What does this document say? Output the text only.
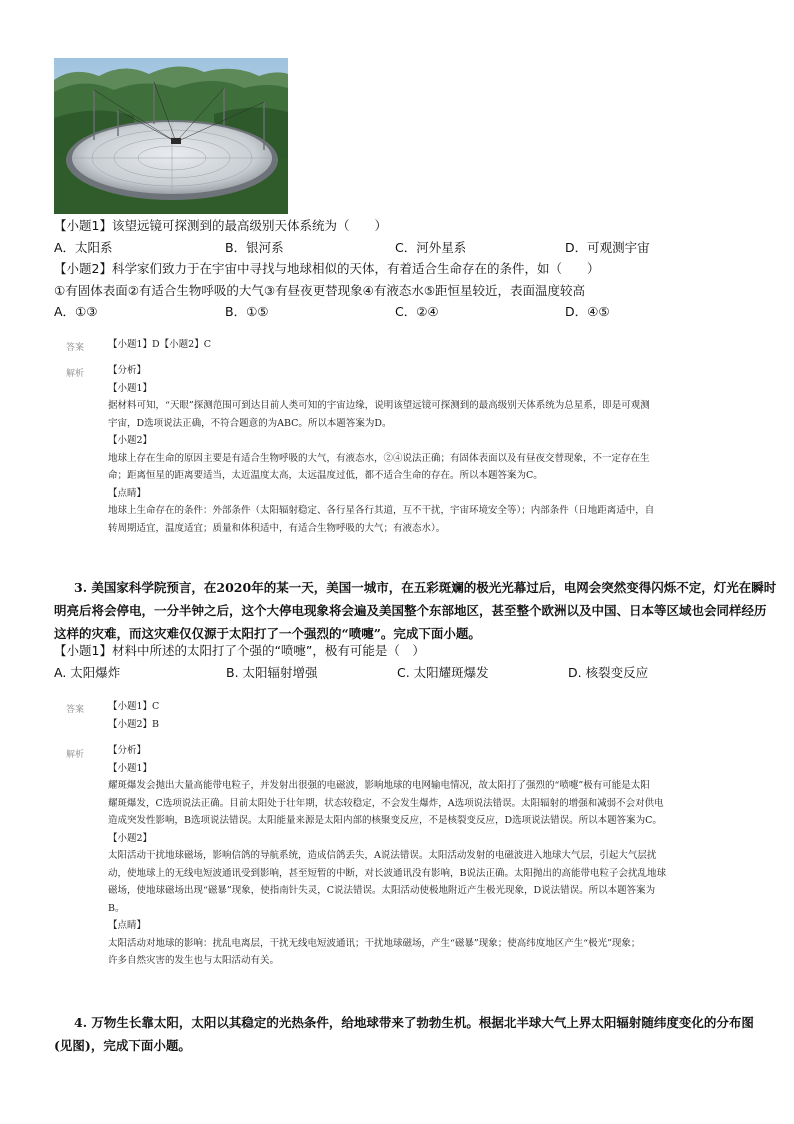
【小题1】该望远镜可探测到的最高级别天体系统为（　　）
A．太阳系	B．银河系	C．河外星系	D．可观测宇宙
【小题2】科学家们致力于在宇宙中寻找与地球相似的天体，有着适合生命存在的条件，如（　　）
①有固体表面②有适合生物呼吸的大气③有昼夜更替现象④有液态水⑤距恒星较近，表面温度较高
A．①③	B．①⑤	C．②④	D．④⑤
答案	【小题1】D【小题2】C

解析	【分析】

【小题1】

据材料可知，“天眼”探测范围可到达目前人类可知的宇宙边缘，说明该望远镜可探测到的最高级别天体系统为总星系，即是可观测

宇宙，D选项说法正确，不符合题意的为ABC。所以本题答案为D。

【小题2】

地球上存在生命的原因主要是有适合生物呼吸的大气，有液态水，②④说法正确；有固体表面以及有昼夜交替现象，不一定存在生

命；距离恒星的距离要适当，太近温度太高，太远温度过低，都不适合生命的存在。所以本题答案为C。

【点睛】

地球上生命存在的条件：外部条件（太阳辐射稳定、各行星各行其道，互不干扰，宇宙环境安全等）；内部条件（日地距离适中，自

转周期适宜，温度适宜；质量和体积适中，有适合生物呼吸的大气；有液态水）。

3. 美国家科学院预言，在2020年的某一天，美国一城市，在五彩斑斓的极光光幕过后，电网会突然变得闪烁不定，灯光在瞬时

明亮后将会停电，一分半钟之后，这个大停电现象将会遍及美国整个东部地区，甚至整个欧洲以及中国、日本等区域也会同样经历

这样的灾难，而这灾难仅仅源于太阳打了一个强烈的“喷嚏”。完成下面小题。

【小题1】材料中所述的太阳打了个强的“喷嚏”，极有可能是（　）
A. 太阳爆炸	B. 太阳辐射增强	C. 太阳耀斑爆发	D. 核裂变反应
答案	【小题1】C

【小题2】B

解析	【分析】

【小题1】

耀斑爆发会抛出大量高能带电粒子，并发射出很强的电磁波，影响地球的电网输电情况，故太阳打了强烈的“喷嚏”极有可能是太阳

耀斑爆发，C选项说法正确。目前太阳处于壮年期，状态较稳定，不会发生爆炸，A选项说法错误。太阳辐射的增强和减弱不会对供电

造成突发性影响，B选项说法错误。太阳能量来源是太阳内部的核聚变反应，不是核裂变反应，D选项说法错误。所以本题答案为C。

【小题2】

太阳活动干扰地球磁场，影响信鸽的导航系统，造成信鸽丢失，A说法错误。太阳活动发射的电磁波进入地球大气层，引起大气层扰

动，使地球上的无线电短波通讯受到影响，甚至短暂的中断，对长波通讯没有影响，B说法正确。太阳抛出的高能带电粒子会扰乱地球

磁场，使地球磁场出现“磁暴”现象，使指南针失灵，C说法错误。太阳活动使极地附近产生极光现象，D说法错误。所以本题答案为

B。

【点睛】

太阳活动对地球的影响：扰乱电离层，干扰无线电短波通讯；干扰地球磁场，产生“磁暴”现象；使高纬度地区产生“极光”现象；

许多自然灾害的发生也与太阳活动有关。

4. 万物生长靠太阳，太阳以其稳定的光热条件，给地球带来了勃勃生机。根据北半球大气上界太阳辐射随纬度变化的分布图

(见图)，完成下面小题。
